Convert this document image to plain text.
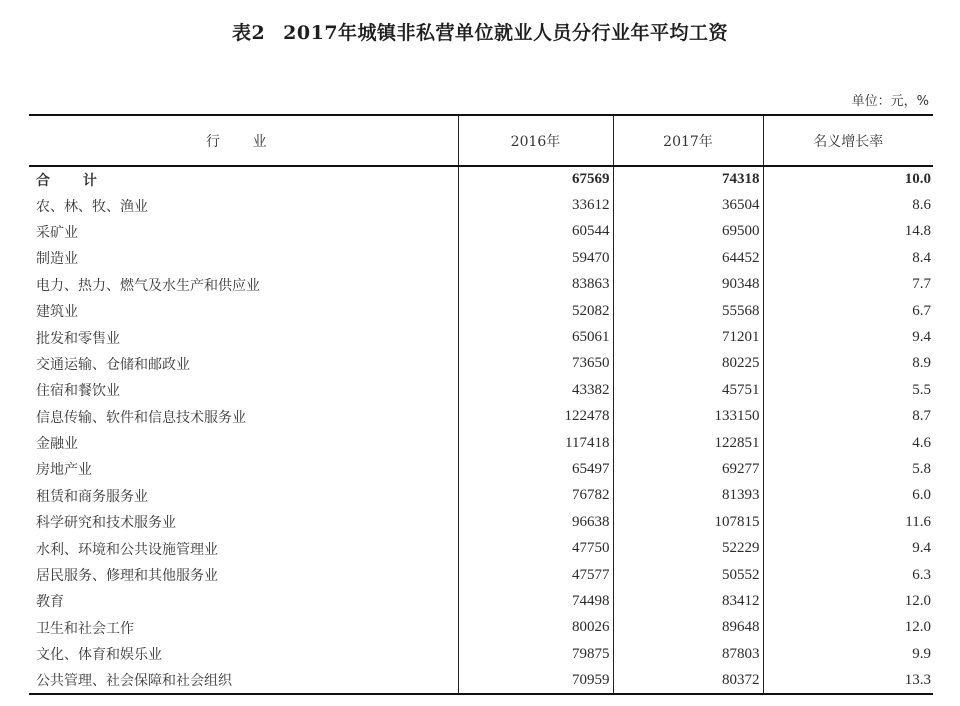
表2 2017年城镇非私营单位就业人员分行业年平均工资
单位：元，%
行 业	2016年	2017年	名义增长率
合 计	67569	74318	10.0
农、林、牧、渔业	33612	36504	8.6
采矿业	60544	69500	14.8
制造业	59470	64452	8.4
电力、热力、燃气及水生产和供应业	83863	90348	7.7
建筑业	52082	55568	6.7
批发和零售业	65061	71201	9.4
交通运输、仓储和邮政业	73650	80225	8.9
住宿和餐饮业	43382	45751	5.5
信息传输、软件和信息技术服务业	122478	133150	8.7
金融业	117418	122851	4.6
房地产业	65497	69277	5.8
租赁和商务服务业	76782	81393	6.0
科学研究和技术服务业	96638	107815	11.6
水利、环境和公共设施管理业	47750	52229	9.4
居民服务、修理和其他服务业	47577	50552	6.3
教育	74498	83412	12.0
卫生和社会工作	80026	89648	12.0
文化、体育和娱乐业	79875	87803	9.9
公共管理、社会保障和社会组织	70959	80372	13.3
